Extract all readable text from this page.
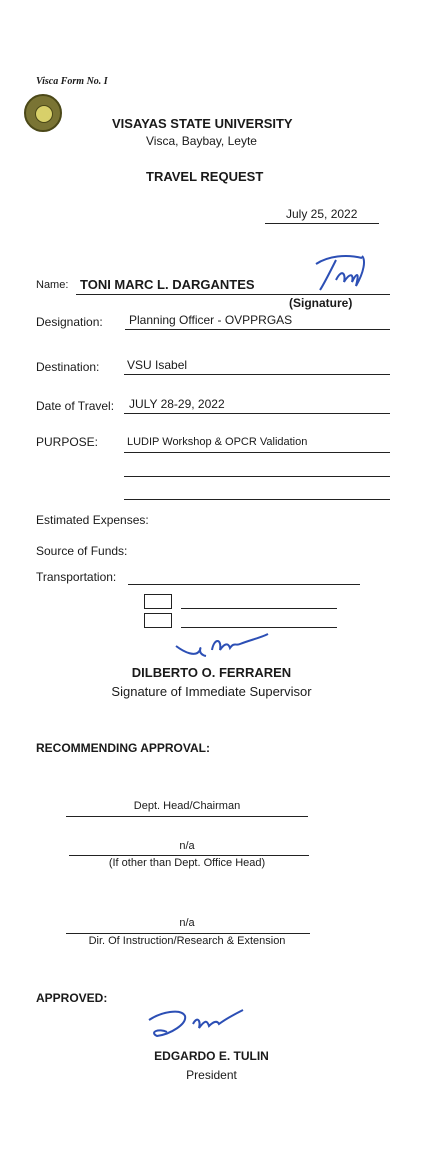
Visca Form No. I
VISAYAS STATE UNIVERSITY
Visca, Baybay, Leyte
TRAVEL REQUEST
July 25, 2022
Name: TONI MARC L. DARGANTES
(Signature)
Designation: Planning Officer - OVPPRGAS
Destination: VSU Isabel
Date of Travel: JULY 28-29, 2022
PURPOSE:	LUDIP Workshop & OPCR Validation
Estimated Expenses:
Source of Funds:
Transportation:
DILBERTO O. FERRAREN
Signature of Immediate Supervisor
RECOMMENDING APPROVAL:
Dept. Head/Chairman
n/a
(If other than Dept. Office Head)
n/a
Dir. Of Instruction/Research & Extension
APPROVED:
EDGARDO E. TULIN
President
